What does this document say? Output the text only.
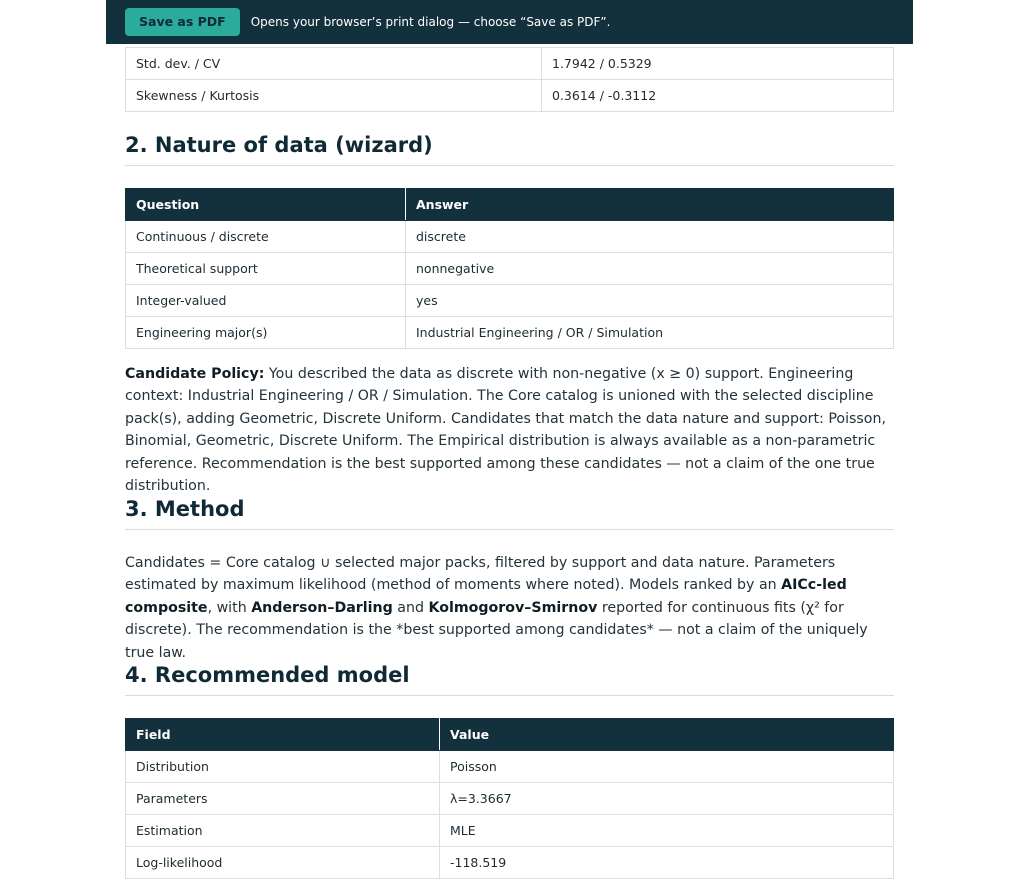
Save as PDF	Opens your browser’s print dialog — choose “Save as PDF”.
Std. dev. / CV	1.7942 / 0.5329
Skewness / Kurtosis	0.3614 / -0.3112
2. Nature of data (wizard)
Question	Answer
Continuous / discrete	discrete
Theoretical support	nonnegative
Integer-valued	yes
Engineering major(s)	Industrial Engineering / OR / Simulation

Candidate Policy: You described the data as discrete with non-negative (x ≥ 0) support. Engineering context: Industrial Engineering / OR / Simulation. The Core catalog is unioned with the selected discipline pack(s), adding Geometric, Discrete Uniform. Candidates that match the data nature and support: Poisson, Binomial, Geometric, Discrete Uniform. The Empirical distribution is always available as a non-parametric reference. Recommendation is the best supported among these candidates — not a claim of the one true distribution.

3. Method

Candidates = Core catalog ∪ selected major packs, filtered by support and data nature. Parameters estimated by maximum likelihood (method of moments where noted). Models ranked by an AICc-led composite, with Anderson–Darling and Kolmogorov–Smirnov reported for continuous fits (χ² for discrete). The recommendation is the *best supported among candidates* — not a claim of the uniquely true law.

4. Recommended model
Field	Value
Distribution	Poisson
Parameters	λ=3.3667
Estimation	MLE
Log-likelihood	-118.519
